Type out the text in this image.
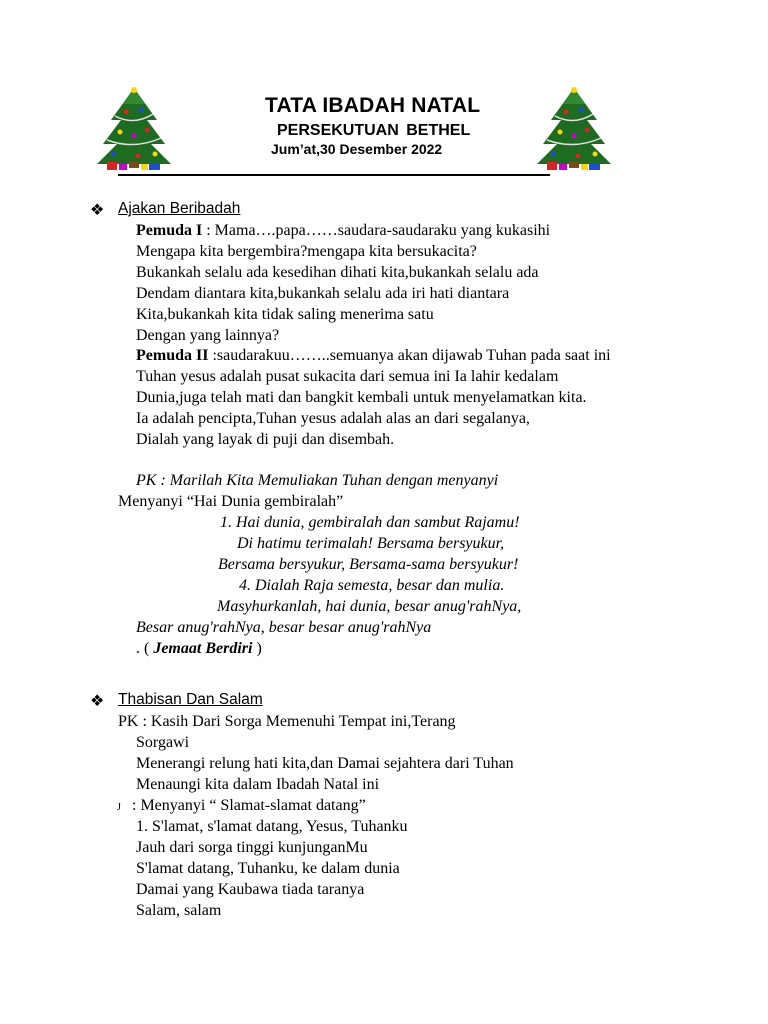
TATA IBADAH NATAL
PERSEKUTUAN BETHEL
Jum’at,30 Desember 2022
❖ Ajakan Beribadah
Pemuda I : Mama….papa……saudara-saudaraku yang kukasihi
Mengapa kita bergembira?mengapa kita bersukacita?
Bukankah selalu ada kesedihan dihati kita,bukankah selalu ada
Dendam diantara kita,bukankah selalu ada iri hati diantara
Kita,bukankah kita tidak saling menerima satu
Dengan yang lainnya?
Pemuda II :saudarakuu……..semuanya akan dijawab Tuhan pada saat ini
Tuhan yesus adalah pusat sukacita dari semua ini Ia lahir kedalam
Dunia,juga telah mati dan bangkit kembali untuk menyelamatkan kita.
Ia adalah pencipta,Tuhan yesus adalah alas an dari segalanya,
Dialah yang layak di puji dan disembah.
PK : Marilah Kita Memuliakan Tuhan dengan menyanyi
Menyanyi “Hai Dunia gembiralah”
1. Hai dunia, gembiralah dan sambut Rajamu!
Di hatimu terimalah! Bersama bersyukur,
Bersama bersyukur, Bersama-sama bersyukur!
4. Dialah Raja semesta, besar dan mulia.
Masyhurkanlah, hai dunia, besar anug'rahNya,
Besar anug'rahNya, besar besar anug'rahNya
. ( Jemaat Berdiri )
❖ Thabisan Dan Salam
PK : Kasih Dari Sorga Memenuhi Tempat ini,Terang
Sorgawi
Menerangi relung hati kita,dan Damai sejahtera dari Tuhan
Menaungi kita dalam Ibadah Natal ini
J : Menyanyi “ Slamat-slamat datang”
1. S'lamat, s'lamat datang, Yesus, Tuhanku
Jauh dari sorga tinggi kunjunganMu
S'lamat datang, Tuhanku, ke dalam dunia
Damai yang Kaubawa tiada taranya
Salam, salam
